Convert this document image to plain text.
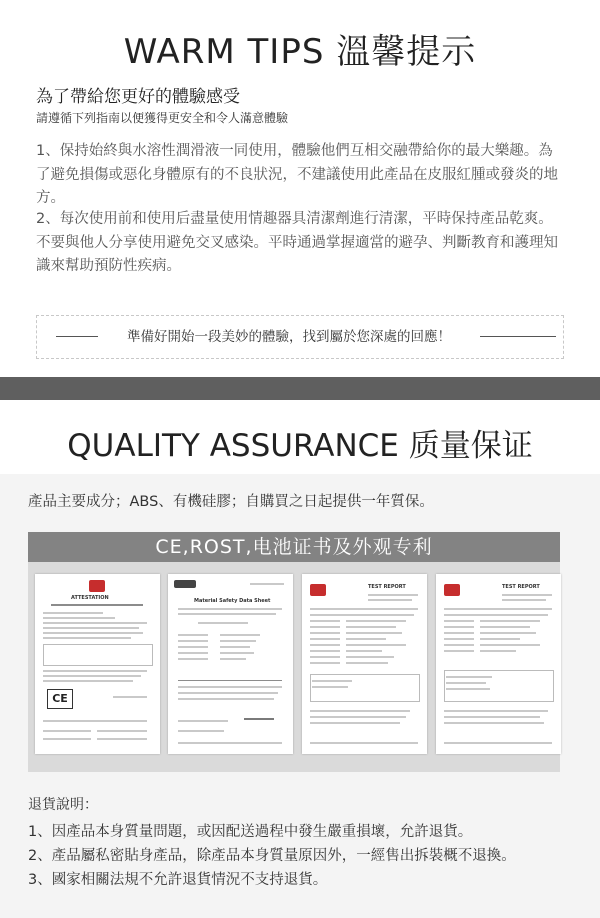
WARM TIPS 溫馨提示
為了帶給您更好的體驗感受
請遵循下列指南以便獲得更安全和令人滿意體驗
1、保持始終與水溶性潤滑液一同使用，體驗他們互相交融帶給你的最大樂趣。為了避免損傷或惡化身體原有的不良狀況，不建議使用此產品在皮服紅腫或發炎的地方。
2、每次使用前和使用后盡量使用情趣器具清潔劑進行清潔，平時保持產品乾爽。不要與他人分享使用避免交叉感染。平時通過掌握適當的避孕、判斷教育和護理知識來幫助預防性疾病。
準備好開始一段美妙的體驗，找到屬於您深處的回應！
QUALITY ASSURANCE 质量保证
產品主要成分；ABS、有機硅膠；自購買之日起提供一年質保。
CE,ROST,电池证书及外观专利
ATTESTATION
CE
Material Safety Data Sheet
TEST REPORT	TEST REPORT
退貨說明：
1、因產品本身質量問題，或因配送過程中發生嚴重損壞，允許退貨。
2、產品屬私密貼身產品，除產品本身質量原因外，一經售出拆裝概不退換。
3、國家相關法規不允許退貨情況不支持退貨。
